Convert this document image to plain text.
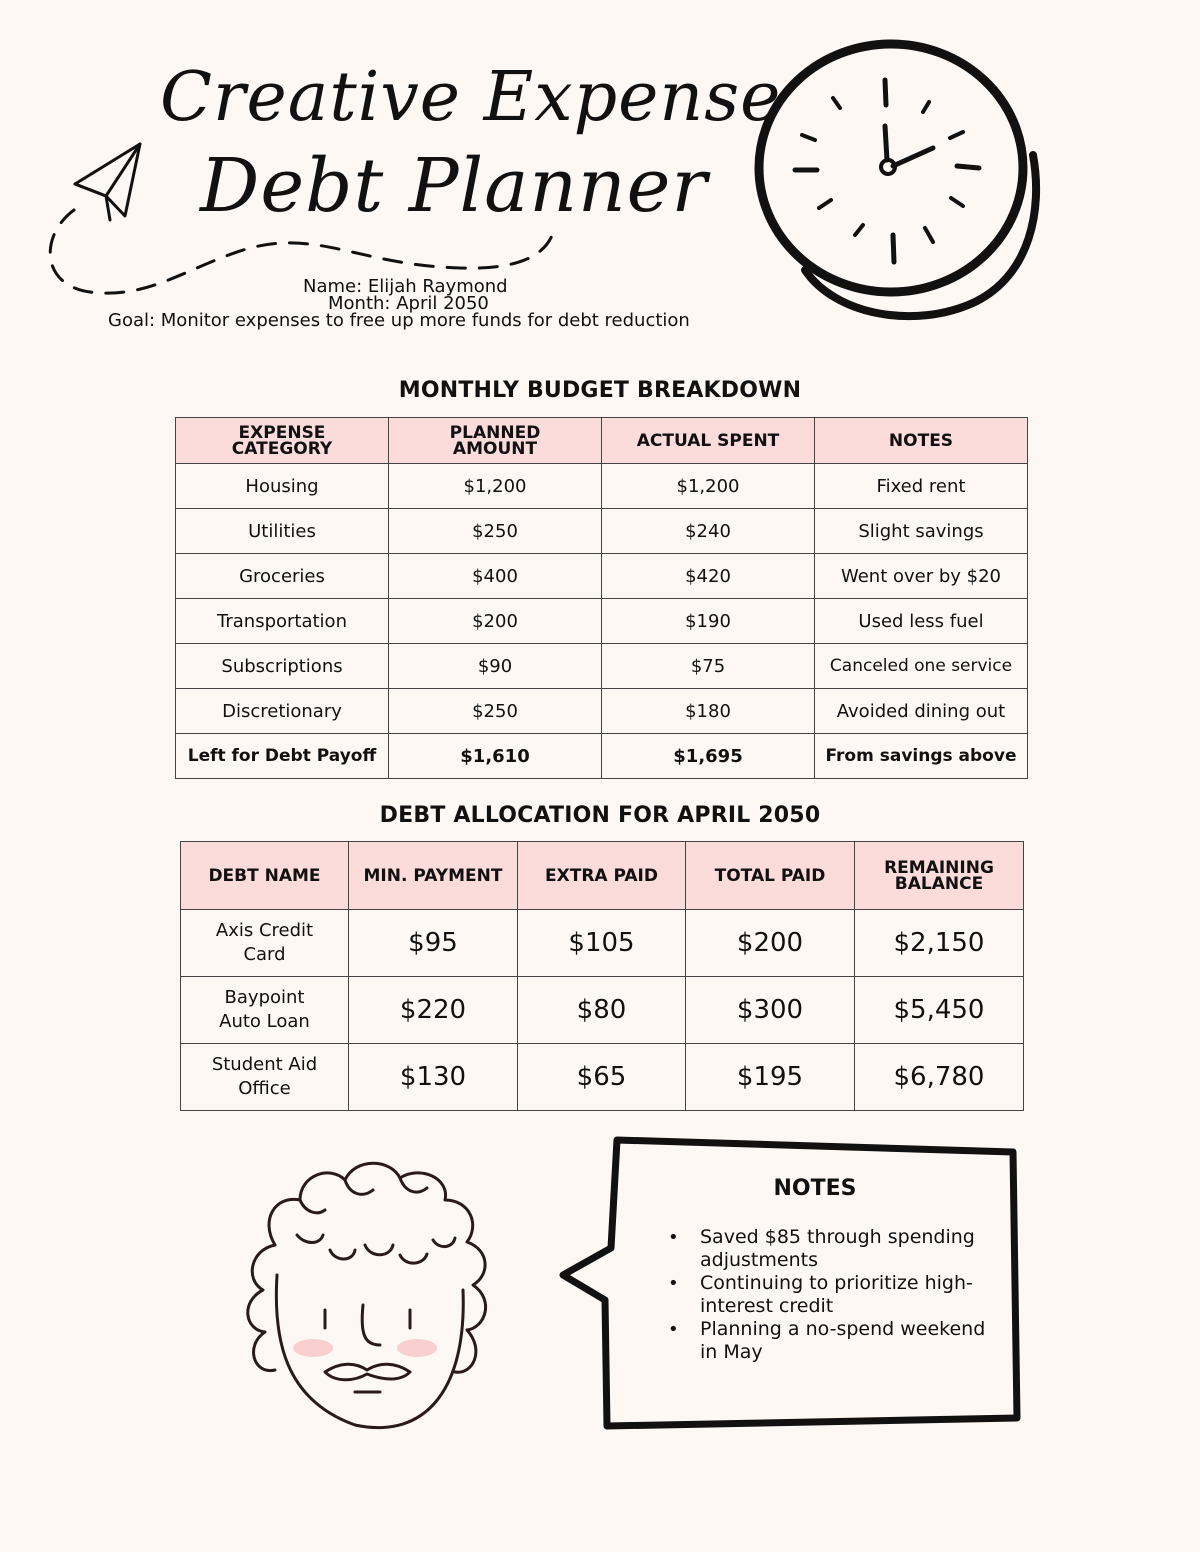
Creative Expense
Debt Planner
Name: Elijah Raymond
Month: April 2050
Goal: Monitor expenses to free up more funds for debt reduction
MONTHLY BUDGET BREAKDOWN
EXPENSE CATEGORY	PLANNED AMOUNT	ACTUAL SPENT	NOTES
Housing	$1,200	$1,200	Fixed rent
Utilities	$250	$240	Slight savings
Groceries	$400	$420	Went over by $20
Transportation	$200	$190	Used less fuel
Subscriptions	$90	$75	Canceled one service
Discretionary	$250	$180	Avoided dining out
Left for Debt Payoff	$1,610	$1,695	From savings above
DEBT ALLOCATION FOR APRIL 2050
DEBT NAME	MIN. PAYMENT	EXTRA PAID	TOTAL PAID	REMAINING BALANCE
Axis Credit Card	$95	$105	$200	$2,150
Baypoint Auto Loan	$220	$80	$300	$5,450
Student Aid Office	$130	$65	$195	$6,780
NOTES
• Saved $85 through spending adjustments
• Continuing to prioritize high-interest credit
• Planning a no-spend weekend in May
